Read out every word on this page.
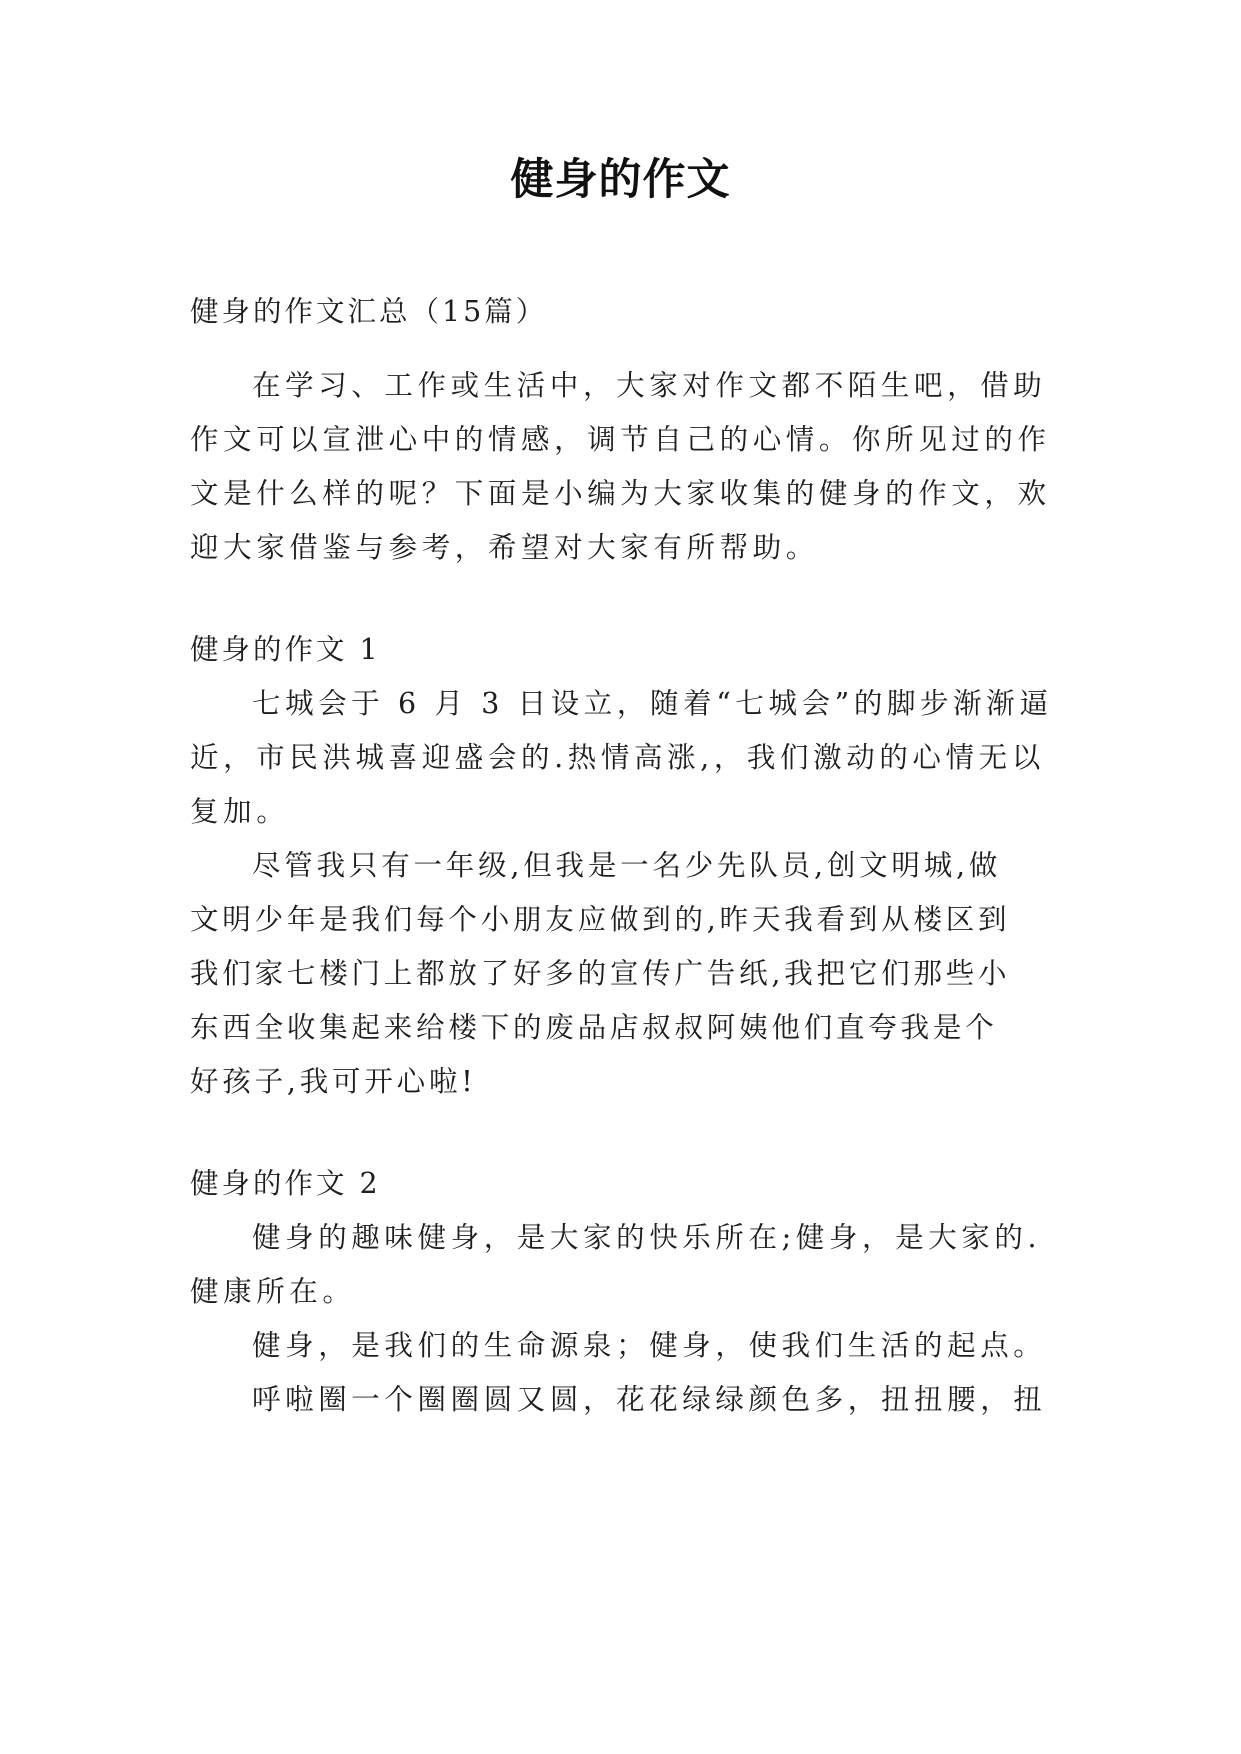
健身的作文
健身的作文汇总（15篇）
在学习、工作或生活中，大家对作文都不陌生吧，借助
作文可以宣泄心中的情感，调节自己的心情。你所见过的作
文是什么样的呢？下面是小编为大家收集的健身的作文，欢
迎大家借鉴与参考，希望对大家有所帮助。
健身的作文 1
七城会于 6 月 3 日设立，随着“七城会”的脚步渐渐逼
近，市民洪城喜迎盛会的.热情高涨,，我们激动的心情无以
复加。
尽管我只有一年级,但我是一名少先队员,创文明城,做
文明少年是我们每个小朋友应做到的,昨天我看到从楼区到
我们家七楼门上都放了好多的宣传广告纸,我把它们那些小
东西全收集起来给楼下的废品店叔叔阿姨他们直夸我是个
好孩子,我可开心啦!
健身的作文 2
健身的趣味健身，是大家的快乐所在;健身，是大家的.
健康所在。
健身，是我们的生命源泉；健身，使我们生活的起点。
呼啦圈一个圈圈圆又圆，花花绿绿颜色多，扭扭腰，扭
